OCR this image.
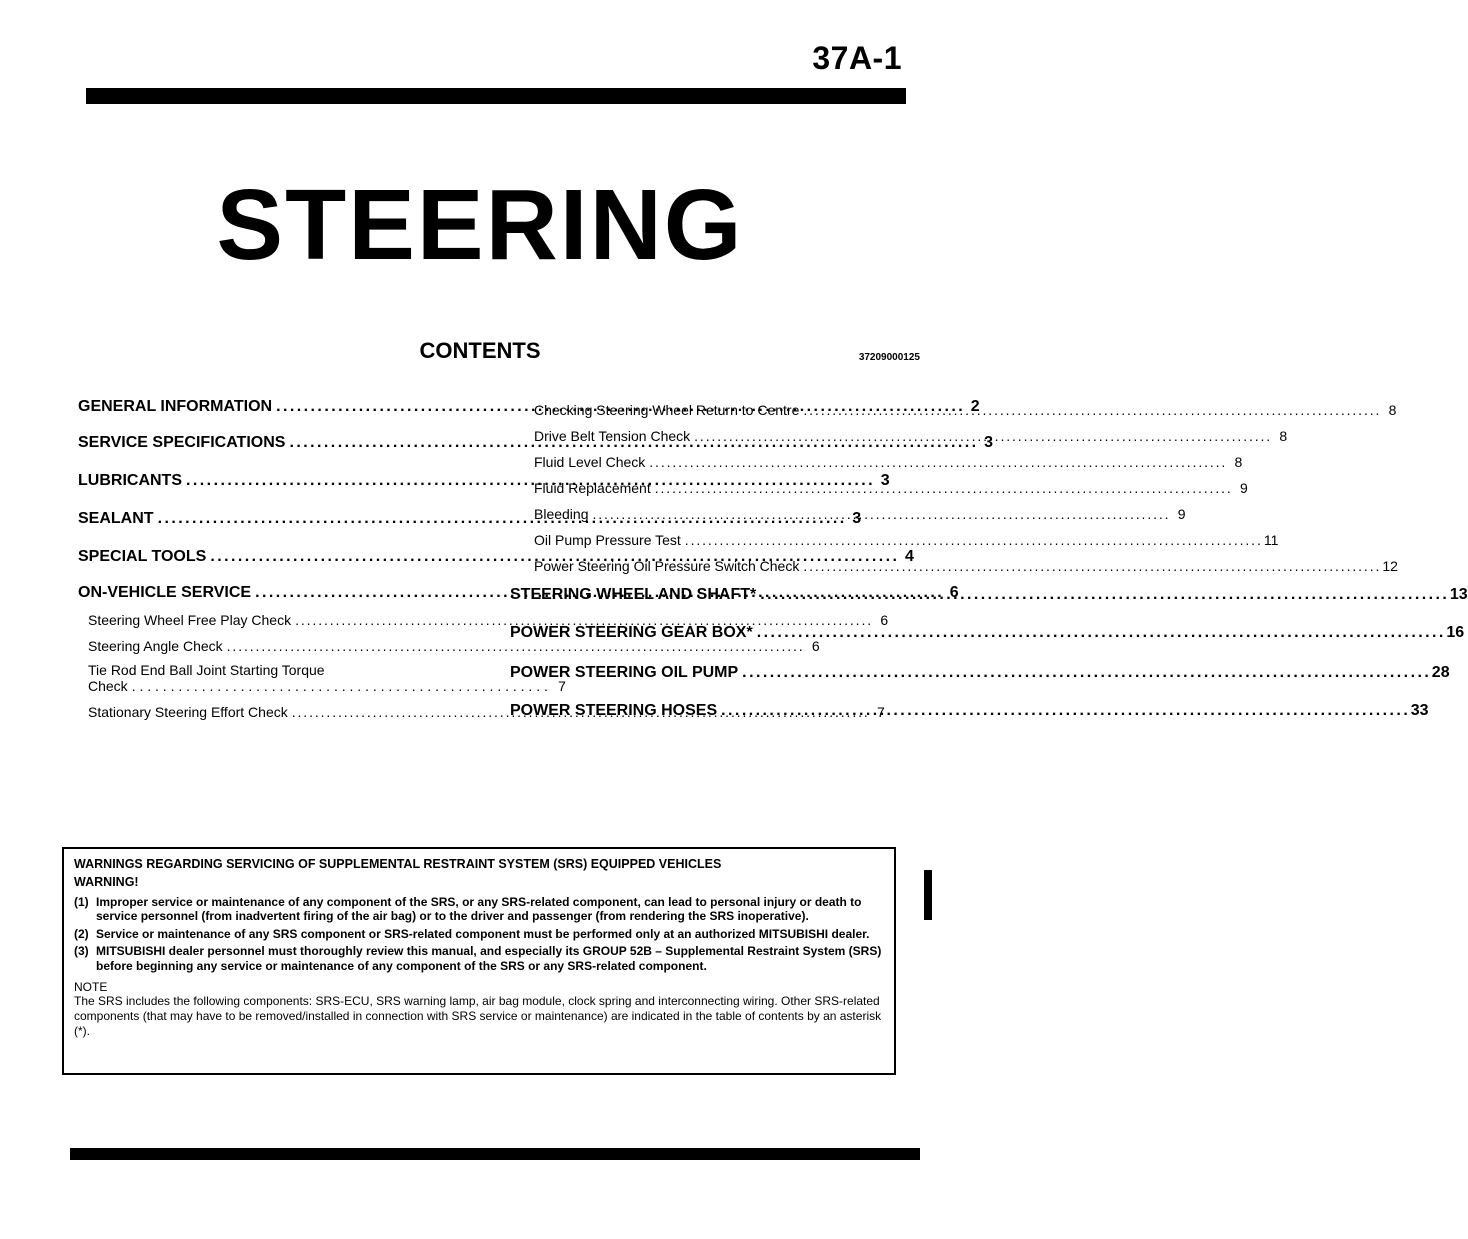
37A-1
STEERING
CONTENTS	37209000125
GENERAL INFORMATION . . .	2
SERVICE SPECIFICATIONS . . .	3
LUBRICANTS . . .	3
SEALANT . . .	3
SPECIAL TOOLS . . .	4
ON-VEHICLE SERVICE . . .	6
Steering Wheel Free Play Check . . .	6
Steering Angle Check . . .	6
Tie Rod End Ball Joint Starting Torque
Check . . . . . . . . . . . . . . . . . . . . . . . . . . . . . . . . . . . . . . . . . . . . . . . . . . . . . . 7
Stationary Steering Effort Check . . .	7
Checking Steering Wheel Return to Centre . . .	8
Drive Belt Tension Check . . .	8
Fluid Level Check . . .	8
Fluid Replacement . . .	9
Bleeding . . .	9
Oil Pump Pressure Test . . .	11
Power Steering Oil Pressure Switch Check . . .	12
STEERING WHEEL AND SHAFT* . . .	13
POWER STEERING GEAR BOX* . . .	16
POWER STEERING OIL PUMP . . .	28
POWER STEERING HOSES . . .	33
WARNINGS REGARDING SERVICING OF SUPPLEMENTAL RESTRAINT SYSTEM (SRS) EQUIPPED VEHICLES
WARNING!
(1) Improper service or maintenance of any component of the SRS, or any SRS-related component, can lead to personal injury or death to service personnel (from inadvertent firing of the air bag) or to the driver and passenger (from rendering the SRS inoperative).
(2) Service or maintenance of any SRS component or SRS-related component must be performed only at an authorized MITSUBISHI dealer.
(3) MITSUBISHI dealer personnel must thoroughly review this manual, and especially its GROUP 52B – Supplemental Restraint System (SRS) before beginning any service or maintenance of any component of the SRS or any SRS-related component.
NOTE
The SRS includes the following components: SRS-ECU, SRS warning lamp, air bag module, clock spring and interconnecting wiring. Other SRS-related components (that may have to be removed/installed in connection with SRS service or maintenance) are indicated in the table of contents by an asterisk (*).
